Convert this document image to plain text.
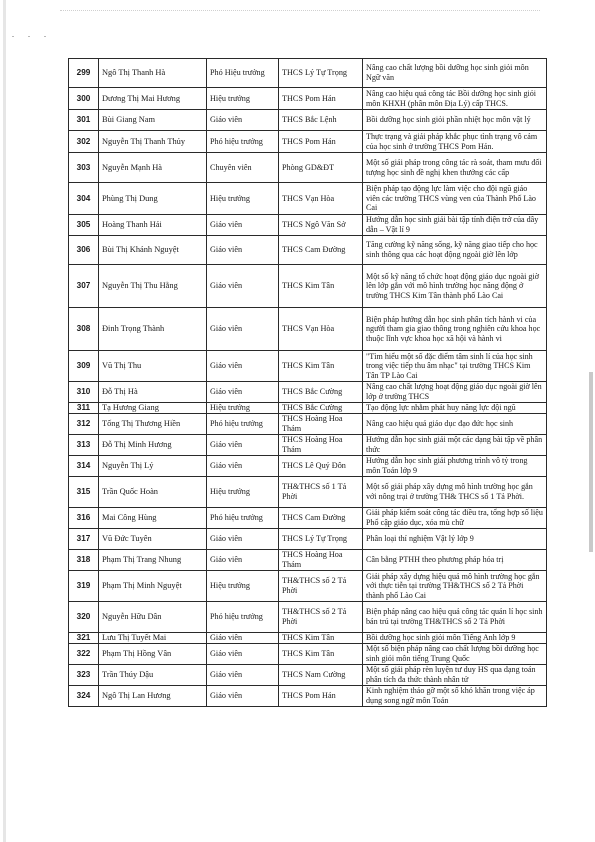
. . .
299	Ngô Thị Thanh Hà	Phó Hiệu trưởng	THCS Lý Tự Trọng	Nâng cao chất lượng bồi dưỡng học sinh giỏi môn Ngữ văn
300	Dương Thị Mai Hương	Hiệu trưởng	THCS Pom Hán	Nâng cao hiệu quả công tác Bồi dưỡng học sinh giỏi môn KHXH (phân môn Địa Lý) cấp THCS.
301	Bùi Giang Nam	Giáo viên	THCS Bắc Lệnh	Bồi dưỡng học sinh giỏi phần nhiệt học môn vật lý
302	Nguyễn Thị Thanh Thủy	Phó hiệu trưởng	THCS Pom Hán	Thực trạng và giải pháp khắc phục tình trạng vô cảm của học sinh ở trường THCS Pom Hán.
303	Nguyễn Mạnh Hà	Chuyên viên	Phòng GD&ĐT	Một số giải pháp trong công tác rà soát, tham mưu đối tượng học sinh đề nghị khen thưởng các cấp
304	Phùng Thị Dung	Hiệu trưởng	THCS Vạn Hòa	Biện pháp tạo động lực làm việc cho đội ngũ giáo viên các trường THCS vùng ven của Thành Phố Lào Cai
305	Hoàng Thanh Hải	Giáo viên	THCS Ngô Văn Sở	Hướng dẫn học sinh giải bài tập tính điện trở của dây dẫn – Vật lí 9
306	Bùi Thị Khánh Nguyệt	Giáo viên	THCS Cam Đường	Tăng cường kỹ năng sống, kỹ năng giao tiếp cho học sinh thông qua các hoạt động ngoài giờ lên lớp
307	Nguyễn Thị Thu Hằng	Giáo viên	THCS Kim Tân	Một số kỹ năng tổ chức hoạt động giáo dục ngoài giờ lên lớp gắn với mô hình trường học năng động ở trường THCS Kim Tân thành phố Lào Cai
308	Đinh Trọng Thành	Giáo viên	THCS Vạn Hòa	Biện pháp hướng dẫn học sinh phân tích hành vi của người tham gia giao thông trong nghiên cứu khoa học thuộc lĩnh vực khoa học xã hội và hành vi
309	Vũ Thị Thu	Giáo viên	THCS Kim Tân	"Tìm hiểu một số đặc điểm tâm sinh lí của học sinh trong việc tiếp thu âm nhạc" tại trường THCS Kim Tân TP Lào Cai
310	Đỗ Thị Hà	Giáo viên	THCS Bắc Cường	Nâng cao chất lượng hoạt động giáo dục ngoài giờ lên lớp ở trường THCS
311	Tạ Hương Giang	Hiệu trưởng	THCS Bắc Cường	Tạo động lực nhằm phát huy năng lực đội ngũ
312	Tống Thị Thương Hiền	Phó hiệu trưởng	THCS Hoàng Hoa Thám	Nâng cao hiệu quả giáo dục đạo đức học sinh
313	Đỗ Thị Minh Hương	Giáo viên	THCS Hoàng Hoa Thám	Hướng dẫn học sinh giải một các dạng bài tập về phân thức
314	Nguyễn Thị Lý	Giáo viên	THCS Lê Quý Đôn	Hướng dẫn học sinh giải phương trình vô tỷ trong môn Toán lớp 9
315	Trần Quốc Hoàn	Hiệu trưởng	TH&THCS số 1 Tả Phời	Một số giải pháp xây dựng mô hình trường học gắn với nông trại ở trường TH& THCS số 1 Tả Phời.
316	Mai Công Hùng	Phó hiệu trưởng	THCS Cam Đường	Giải pháp kiểm soát công tác điều tra, tổng hợp số liệu Phổ cập giáo dục, xóa mù chữ
317	Vũ Đức Tuyên	Giáo viên	THCS Lý Tự Trọng	Phân loại thí nghiệm Vật lý lớp 9
318	Phạm Thị Trang Nhung	Giáo viên	THCS Hoàng Hoa Thám	Cân bằng PTHH theo phương pháp hóa trị
319	Phạm Thị Minh Nguyệt	Hiệu trưởng	TH&THCS số 2 Tả Phời	Giải pháp xây dựng hiệu quả mô hình trường học gắn với thực tiễn tại trường TH&THCS số 2 Tả Phời thành phố Lào Cai
320	Nguyễn Hữu Dân	Phó hiệu trưởng	TH&THCS số 2 Tả Phời	Biện pháp nâng cao hiệu quả công tác quản lí học sinh bán trú tại trường TH&THCS số 2 Tả Phời
321	Lưu Thị Tuyết Mai	Giáo viên	THCS Kim Tân	Bồi dưỡng học sinh giỏi môn Tiếng Anh lớp 9
322	Phạm Thị Hồng Vân	Giáo viên	THCS Kim Tân	Một số biện pháp nâng cao chất lượng bồi dưỡng học sinh giỏi môn tiếng Trung Quốc
323	Trần Thúy Dậu	Giáo viên	THCS Nam Cường	Một số giải pháp rèn luyện tư duy HS qua dạng toán phân tích đa thức thành nhân tử
324	Ngô Thị Lan Hương	Giáo viên	THCS Pom Hán	Kinh nghiệm tháo gỡ một số khó khăn trong việc áp dụng song ngữ môn Toán
